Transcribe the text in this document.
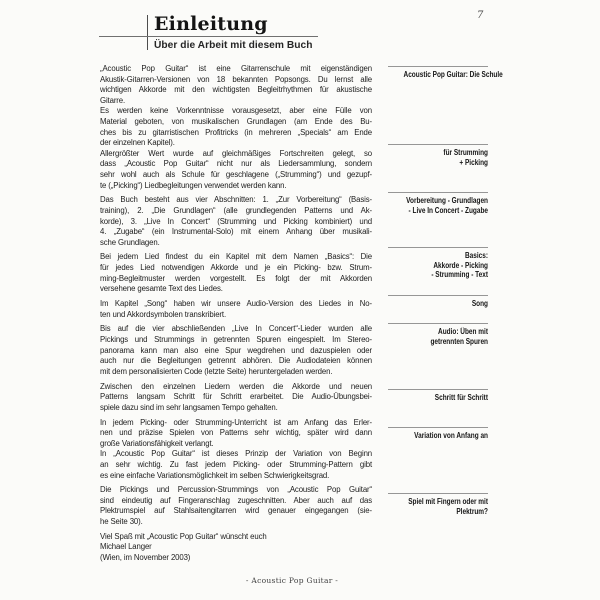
7
Einleitung
Über die Arbeit mit diesem Buch
„Acoustic Pop Guitar“ ist eine Gitarrenschule mit eigenständigen
Akustik-Gitarren-Versionen von 18 bekannten Popsongs. Du lernst alle
wichtigen Akkorde mit den wichtigsten Begleitrhythmen für akustische
Gitarre.
Es werden keine Vorkenntnisse vorausgesetzt, aber eine Fülle von
Material geboten, von musikalischen Grundlagen (am Ende des Bu-
ches bis zu gitarristischen Profitricks (in mehreren „Specials“ am Ende
der einzelnen Kapitel).
Allergrößter Wert wurde auf gleichmäßiges Fortschreiten gelegt, so
dass „Acoustic Pop Guitar“ nicht nur als Liedersammlung, sondern
sehr wohl auch als Schule für geschlagene („Strumming“) und gezupf-
te („Picking“) Liedbegleitungen verwendet werden kann.
Das Buch besteht aus vier Abschnitten: 1. „Zur Vorbereitung“ (Basis-
training), 2. „Die Grundlagen“ (alle grundlegenden Patterns und Ak-
korde), 3. „Live In Concert“ (Strumming und Picking kombiniert) und
4. „Zugabe“ (ein Instrumental-Solo) mit einem Anhang über musikali-
sche Grundlagen.
Bei jedem Lied findest du ein Kapitel mit dem Namen „Basics“: Die
für jedes Lied notwendigen Akkorde und je ein Picking- bzw. Strum-
ming-Begleitmuster werden vorgestellt. Es folgt der mit Akkorden
versehene gesamte Text des Liedes.
Im Kapitel „Song“ haben wir unsere Audio-Version des Liedes in No-
ten und Akkordsymbolen transkribiert.
Bis auf die vier abschließenden „Live In Concert“-Lieder wurden alle
Pickings und Strummings in getrennten Spuren eingespielt. Im Stereo-
panorama kann man also eine Spur wegdrehen und dazuspielen oder
auch nur die Begleitungen getrennt abhören. Die Audiodateien können
mit dem personalisierten Code (letzte Seite) heruntergeladen werden.
Zwischen den einzelnen Liedern werden die Akkorde und neuen
Patterns langsam Schritt für Schritt erarbeitet. Die Audio-Übungsbei-
spiele dazu sind im sehr langsamen Tempo gehalten.
In jedem Picking- oder Strumming-Unterricht ist am Anfang das Erler-
nen und präzise Spielen von Patterns sehr wichtig, später wird dann
große Variationsfähigkeit verlangt.
In „Acoustic Pop Guitar“ ist dieses Prinzip der Variation von Beginn
an sehr wichtig. Zu fast jedem Picking- oder Strumming-Pattern gibt
es eine einfache Variationsmöglichkeit im selben Schwierigkeitsgrad.
Die Pickings und Percussion-Strummings von „Acoustic Pop Guitar“
sind eindeutig auf Fingeranschlag zugeschnitten. Aber auch auf das
Plektrumspiel auf Stahlsaitengitarren wird genauer eingegangen (sie-
he Seite 30).
Viel Spaß mit „Acoustic Pop Guitar“ wünscht euch
Michael Langer
(Wien, im November 2003)
Acoustic Pop Guitar: Die Schule
für Strumming
+ Picking
Vorbereitung - Grundlagen
- Live In Concert - Zugabe
Basics:
Akkorde - Picking
- Strumming - Text
Song
Audio: Üben mit
getrennten Spuren
Schritt für Schritt
Variation von Anfang an
Spiel mit Fingern oder mit
Plektrum?
- Acoustic Pop Guitar -
